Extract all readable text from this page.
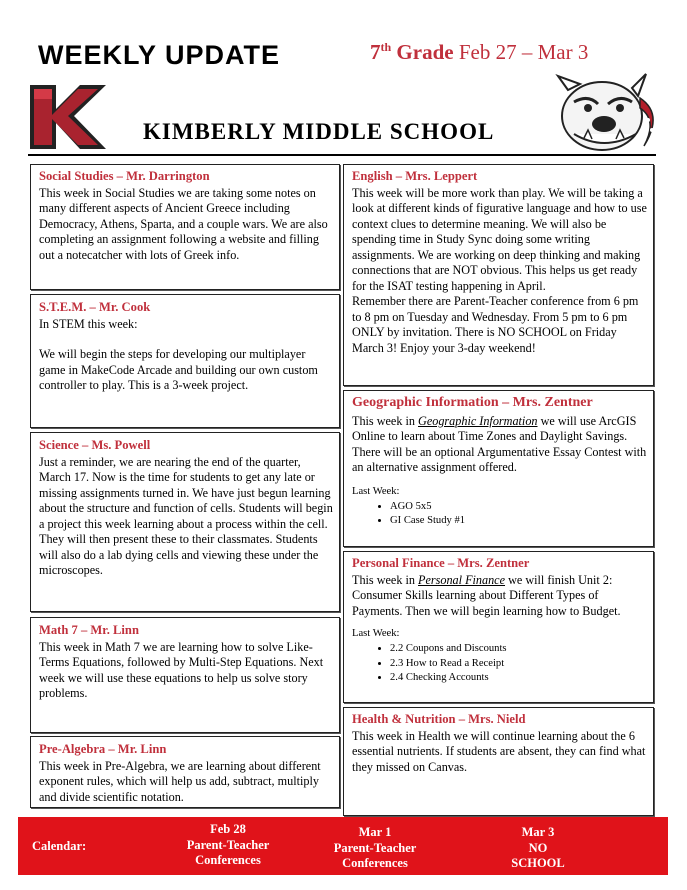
WEEKLY UPDATE	7th Grade Feb 27 – Mar 3
KIMBERLY MIDDLE SCHOOL
Social Studies – Mr. Darrington

This week in Social Studies we are taking some notes on many different aspects of Ancient Greece including Democracy, Athens, Sparta, and a couple wars. We are also completing an assignment following a website and filling out a notecatcher with lots of Greek info.

S.T.E.M. – Mr. Cook

In STEM this week:

We will begin the steps for developing our multiplayer game in MakeCode Arcade and building our own custom controller to play. This is a 3-week project.

Science – Ms. Powell

Just a reminder, we are nearing the end of the quarter, March 17. Now is the time for students to get any late or missing assignments turned in. We have just begun learning about the structure and function of cells. Students will begin a project this week learning about a process within the cell. They will then present these to their classmates. Students will also do a lab dying cells and viewing these under the microscopes.

Math 7 – Mr. Linn

This week in Math 7 we are learning how to solve Like-Terms Equations, followed by Multi-Step Equations. Next week we will use these equations to help us solve story problems.

Pre-Algebra – Mr. Linn

This week in Pre-Algebra, we are learning about different exponent rules, which will help us add, subtract, multiply and divide scientific notation.

English – Mrs. Leppert

This week will be more work than play. We will be taking a look at different kinds of figurative language and how to use context clues to determine meaning. We will also be spending time in Study Sync doing some writing assignments. We are working on deep thinking and making connections that are NOT obvious. This helps us get ready for the ISAT testing happening in April.

Remember there are Parent-Teacher conference from 6 pm to 8 pm on Tuesday and Wednesday. From 5 pm to 6 pm ONLY by invitation. There is NO SCHOOL on Friday March 3! Enjoy your 3-day weekend!

Geographic Information – Mrs. Zentner

This week in Geographic Information we will use ArcGIS Online to learn about Time Zones and Daylight Savings. There will be an optional Argumentative Essay Contest with an alternative assignment offered.

Last Week:
• AGO 5x5
• GI Case Study #1
Personal Finance – Mrs. Zentner

This week in Personal Finance we will finish Unit 2: Consumer Skills learning about Different Types of Payments. Then we will begin learning how to Budget.

Last Week:
• 2.2 Coupons and Discounts
• 2.3 How to Read a Receipt
• 2.4 Checking Accounts
Health & Nutrition – Mrs. Nield

This week in Health we will continue learning about the 6 essential nutrients. If students are absent, they can find what they missed on Canvas.

Calendar:
Feb 28
Parent-Teacher
Conferences
Mar 1
Parent-Teacher
Conferences
Mar 3
NO
SCHOOL
